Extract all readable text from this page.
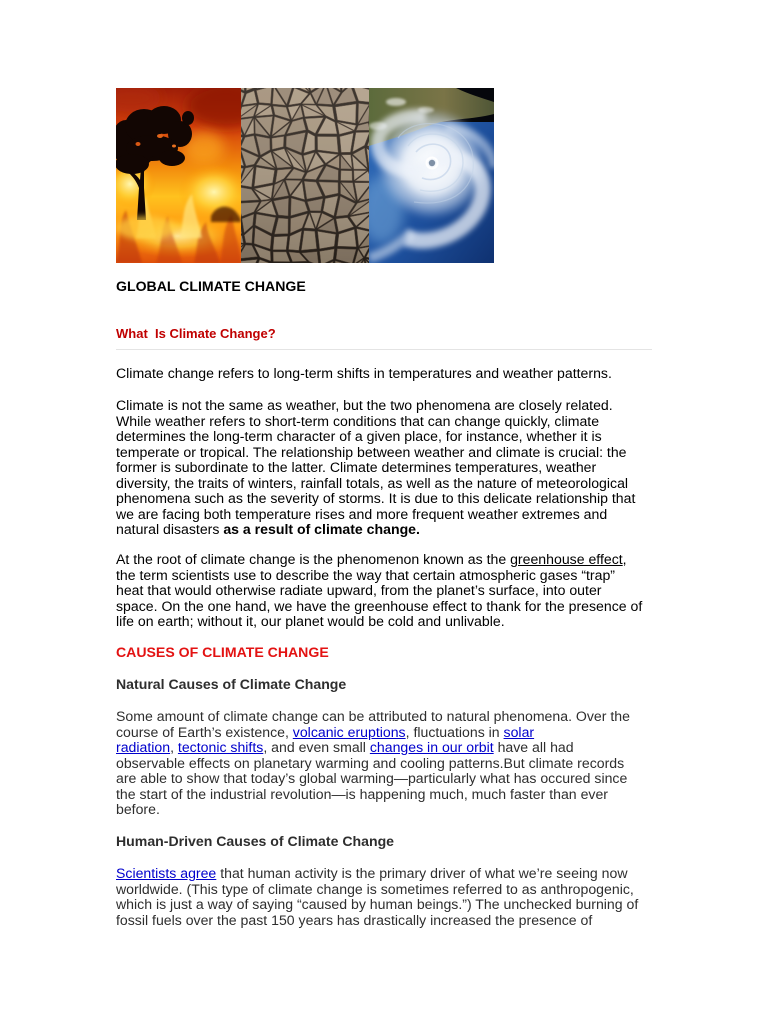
GLOBAL CLIMATE CHANGE
What  Is Climate Change?

Climate change refers to long-term shifts in temperatures and weather patterns.

Climate is not the same as weather, but the two phenomena are closely related.
While weather refers to short-term conditions that can change quickly, climate
determines the long-term character of a given place, for instance, whether it is
temperate or tropical. The relationship between weather and climate is crucial: the
former is subordinate to the latter. Climate determines temperatures, weather
diversity, the traits of winters, rainfall totals, as well as the nature of meteorological
phenomena such as the severity of storms. It is due to this delicate relationship that
we are facing both temperature rises and more frequent weather extremes and
natural disasters as a result of climate change.

At the root of climate change is the phenomenon known as the greenhouse effect,
the term scientists use to describe the way that certain atmospheric gases “trap”
heat that would otherwise radiate upward, from the planet’s surface, into outer
space. On the one hand, we have the greenhouse effect to thank for the presence of
life on earth; without it, our planet would be cold and unlivable.

CAUSES OF CLIMATE CHANGE
Natural Causes of Climate Change

Some amount of climate change can be attributed to natural phenomena. Over the
course of Earth’s existence, volcanic eruptions, fluctuations in solar
radiation, tectonic shifts, and even small changes in our orbit have all had
observable effects on planetary warming and cooling patterns.But climate records
are able to show that today’s global warming—particularly what has occured since
the start of the industrial revolution—is happening much, much faster than ever
before.

Human-Driven Causes of Climate Change

Scientists agree that human activity is the primary driver of what we’re seeing now
worldwide. (This type of climate change is sometimes referred to as anthropogenic,
which is just a way of saying “caused by human beings.”) The unchecked burning of
fossil fuels over the past 150 years has drastically increased the presence of
